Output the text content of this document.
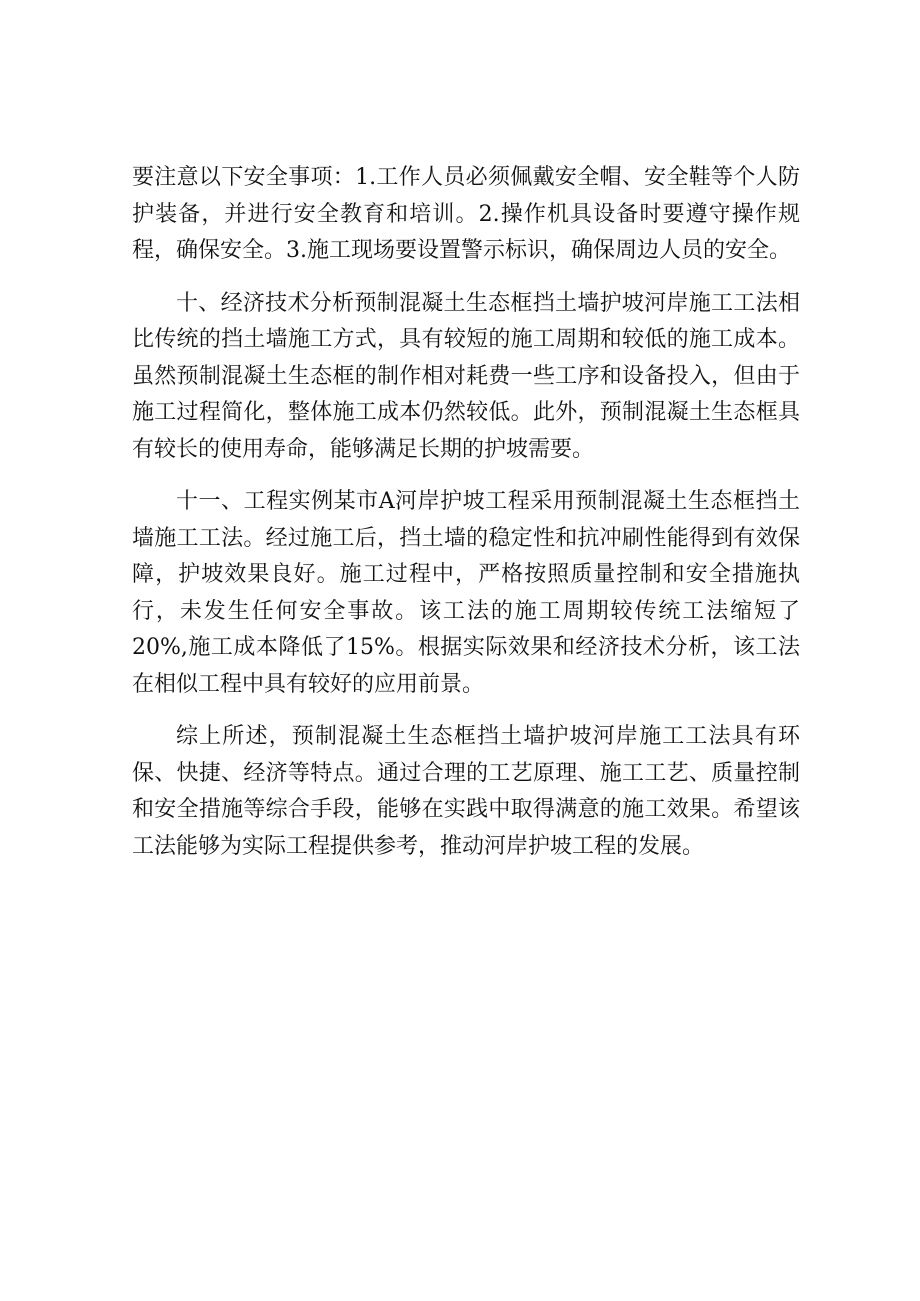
要注意以下安全事项：1.工作人员必须佩戴安全帽、安全鞋等个人防护装备，并进行安全教育和培训。2.操作机具设备时要遵守操作规程，确保安全。3.施工现场要设置警示标识，确保周边人员的安全。

十、经济技术分析预制混凝土生态框挡土墙护坡河岸施工工法相比传统的挡土墙施工方式，具有较短的施工周期和较低的施工成本。虽然预制混凝土生态框的制作相对耗费一些工序和设备投入，但由于施工过程简化，整体施工成本仍然较低。此外，预制混凝土生态框具有较长的使用寿命，能够满足长期的护坡需要。

十一、工程实例某市A河岸护坡工程采用预制混凝土生态框挡土墙施工工法。经过施工后，挡土墙的稳定性和抗冲刷性能得到有效保障，护坡效果良好。施工过程中，严格按照质量控制和安全措施执行，未发生任何安全事故。该工法的施工周期较传统工法缩短了20%,施工成本降低了15%。根据实际效果和经济技术分析，该工法在相似工程中具有较好的应用前景。

综上所述，预制混凝土生态框挡土墙护坡河岸施工工法具有环保、快捷、经济等特点。通过合理的工艺原理、施工工艺、质量控制和安全措施等综合手段，能够在实践中取得满意的施工效果。希望该工法能够为实际工程提供参考，推动河岸护坡工程的发展。
